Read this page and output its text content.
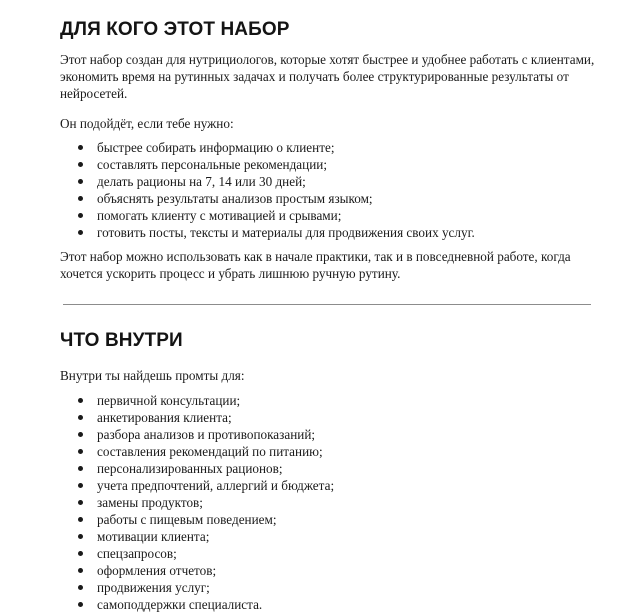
ДЛЯ КОГО ЭТОТ НАБОР

Этот набор создан для нутрициологов, которые хотят быстрее и удобнее работать с клиентами, экономить время на рутинных задачах и получать более структурированные результаты от нейросетей.

Он подойдёт, если тебе нужно:

быстрее собирать информацию о клиенте;
составлять персональные рекомендации;
делать рационы на 7, 14 или 30 дней;
объяснять результаты анализов простым языком;
помогать клиенту с мотивацией и срывами;
готовить посты, тексты и материалы для продвижения своих услуг.

Этот набор можно использовать как в начале практики, так и в повседневной работе, когда хочется ускорить процесс и убрать лишнюю ручную рутину.

ЧТО ВНУТРИ

Внутри ты найдешь промты для:

первичной консультации;
анкетирования клиента;
разбора анализов и противопоказаний;
составления рекомендаций по питанию;
персонализированных рационов;
учета предпочтений, аллергий и бюджета;
замены продуктов;
работы с пищевым поведением;
мотивации клиента;
спецзапросов;
оформления отчетов;
продвижения услуг;
самоподдержки специалиста.
